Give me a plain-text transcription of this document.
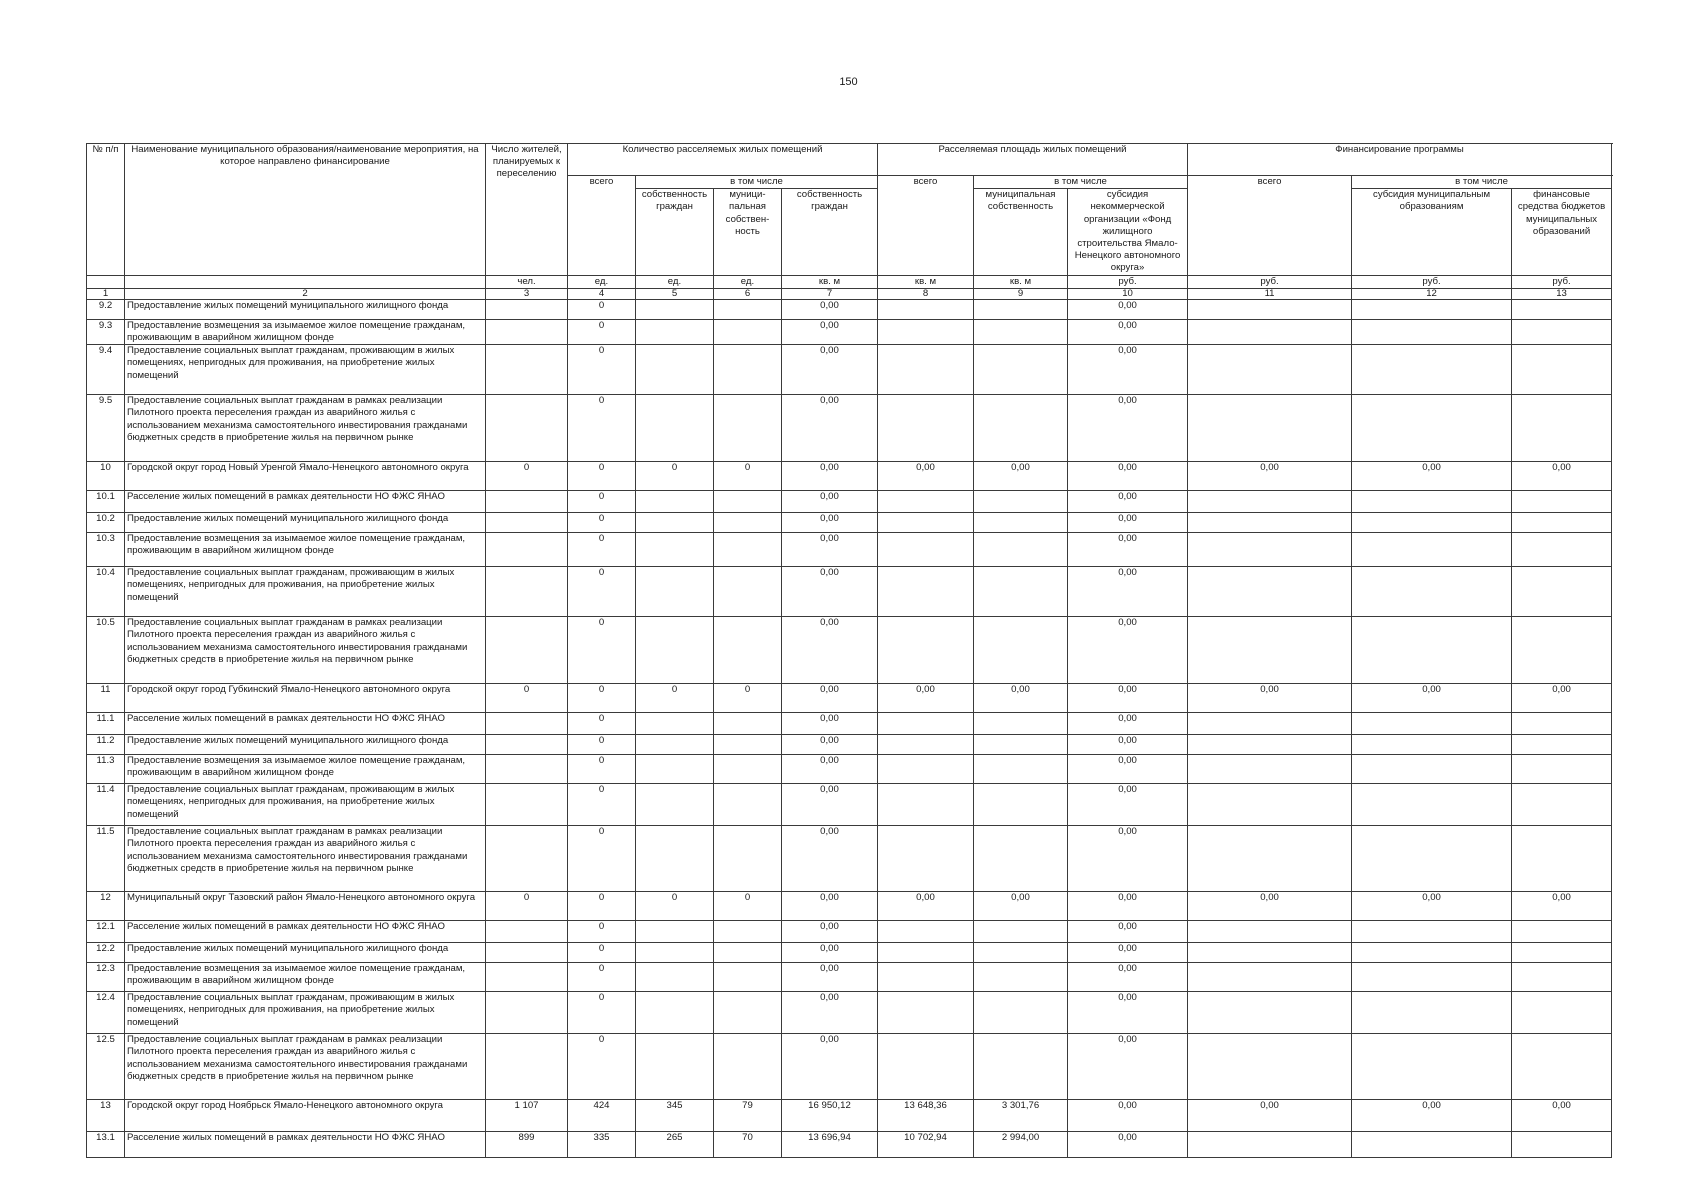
150
№ п/п	Наименование муниципального образования/наименование мероприятия, на которое направлено финансирование	Число жителей, планируемых к переселению	Количество расселяемых жилых помещений				Расселяемая площадь жилых помещений			Финансирование программы		
			всего	в том числе			всего	в том числе		всего	в том числе	
				собственность граждан	муници-пальная собствен-ность	собственность граждан		муниципальная собственность	субсидия некоммерческой организации «Фонд жилищного строительства Ямало-Ненецкого автономного округа»		субсидия муниципальным образованиям	финансовые средства бюджетов муниципальных образований
		чел.	ед.	ед.	ед.	кв. м	кв. м	кв. м	руб.	руб.	руб.	руб.
1	2	3	4	5	6	7	8	9	10	11	12	13
9.2	Предоставление жилых помещений муниципального жилищного фонда		0			0,00			0,00			
9.3	Предоставление возмещения за изымаемое жилое помещение гражданам, проживающим в аварийном жилищном фонде		0			0,00			0,00			
9.4	Предоставление социальных выплат гражданам, проживающим в жилых помещениях, непригодных для проживания, на приобретение жилых помещений		0			0,00			0,00			
9.5	Предоставление социальных выплат гражданам в рамках реализации Пилотного проекта переселения граждан из аварийного жилья с использованием механизма самостоятельного инвестирования гражданами бюджетных средств в приобретение жилья на первичном рынке		0			0,00			0,00			
10	Городской округ город Новый Уренгой Ямало-Ненецкого автономного округа	0	0	0	0	0,00	0,00	0,00	0,00	0,00	0,00	0,00
10.1	Расселение жилых помещений в рамках деятельности НО ФЖС ЯНАО		0			0,00			0,00			
10.2	Предоставление жилых помещений муниципального жилищного фонда		0			0,00			0,00			
10.3	Предоставление возмещения за изымаемое жилое помещение гражданам, проживающим в аварийном жилищном фонде		0			0,00			0,00			
10.4	Предоставление социальных выплат гражданам, проживающим в жилых помещениях, непригодных для проживания, на приобретение жилых помещений		0			0,00			0,00			
10.5	Предоставление социальных выплат гражданам в рамках реализации Пилотного проекта переселения граждан из аварийного жилья с использованием механизма самостоятельного инвестирования гражданами бюджетных средств в приобретение жилья на первичном рынке		0			0,00			0,00			
11	Городской округ город Губкинский Ямало-Ненецкого автономного округа	0	0	0	0	0,00	0,00	0,00	0,00	0,00	0,00	0,00
11.1	Расселение жилых помещений в рамках деятельности НО ФЖС ЯНАО		0			0,00			0,00			
11.2	Предоставление жилых помещений муниципального жилищного фонда		0			0,00			0,00			
11.3	Предоставление возмещения за изымаемое жилое помещение гражданам, проживающим в аварийном жилищном фонде		0			0,00			0,00			
11.4	Предоставление социальных выплат гражданам, проживающим в жилых помещениях, непригодных для проживания, на приобретение жилых помещений		0			0,00			0,00			
11.5	Предоставление социальных выплат гражданам в рамках реализации Пилотного проекта переселения граждан из аварийного жилья с использованием механизма самостоятельного инвестирования гражданами бюджетных средств в приобретение жилья на первичном рынке		0			0,00			0,00			
12	Муниципальный округ Тазовский район Ямало-Ненецкого автономного округа	0	0	0	0	0,00	0,00	0,00	0,00	0,00	0,00	0,00
12.1	Расселение жилых помещений в рамках деятельности НО ФЖС ЯНАО		0			0,00			0,00			
12.2	Предоставление жилых помещений муниципального жилищного фонда		0			0,00			0,00			
12.3	Предоставление возмещения за изымаемое жилое помещение гражданам, проживающим в аварийном жилищном фонде		0			0,00			0,00			
12.4	Предоставление социальных выплат гражданам, проживающим в жилых помещениях, непригодных для проживания, на приобретение жилых помещений		0			0,00			0,00			
12.5	Предоставление социальных выплат гражданам в рамках реализации Пилотного проекта переселения граждан из аварийного жилья с использованием механизма самостоятельного инвестирования гражданами бюджетных средств в приобретение жилья на первичном рынке		0			0,00			0,00			
13	Городской округ город Ноябрьск Ямало-Ненецкого автономного округа	1 107	424	345	79	16 950,12	13 648,36	3 301,76	0,00	0,00	0,00	0,00
13.1	Расселение жилых помещений в рамках деятельности НО ФЖС ЯНАО	899	335	265	70	13 696,94	10 702,94	2 994,00	0,00			
